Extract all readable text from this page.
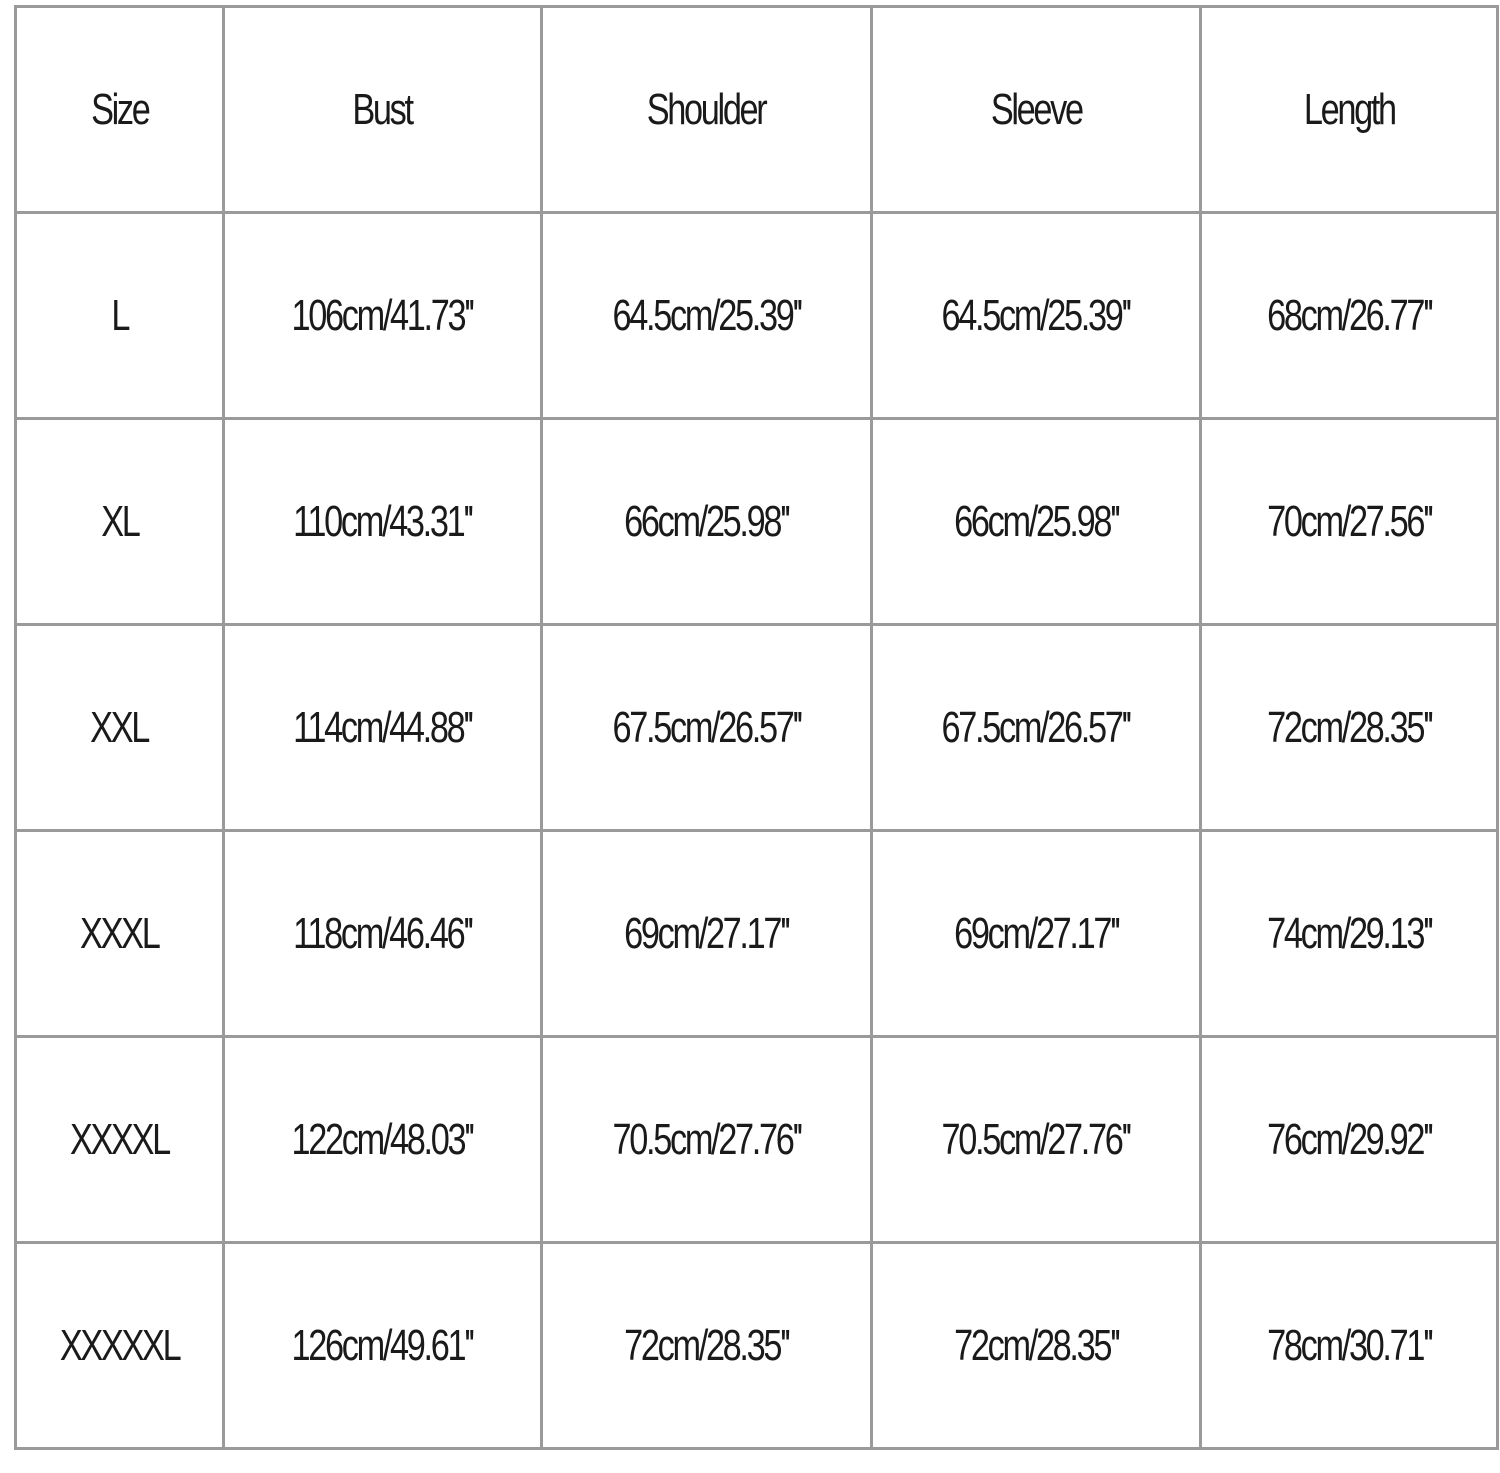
Size	Bust	Shoulder	Sleeve	Length
L	106cm/41.73''	64.5cm/25.39''	64.5cm/25.39''	68cm/26.77''
XL	110cm/43.31''	66cm/25.98''	66cm/25.98''	70cm/27.56''
XXL	114cm/44.88''	67.5cm/26.57''	67.5cm/26.57''	72cm/28.35''
XXXL	118cm/46.46''	69cm/27.17''	69cm/27.17''	74cm/29.13''
XXXXL	122cm/48.03''	70.5cm/27.76''	70.5cm/27.76''	76cm/29.92''
XXXXXL	126cm/49.61''	72cm/28.35''	72cm/28.35''	78cm/30.71''
